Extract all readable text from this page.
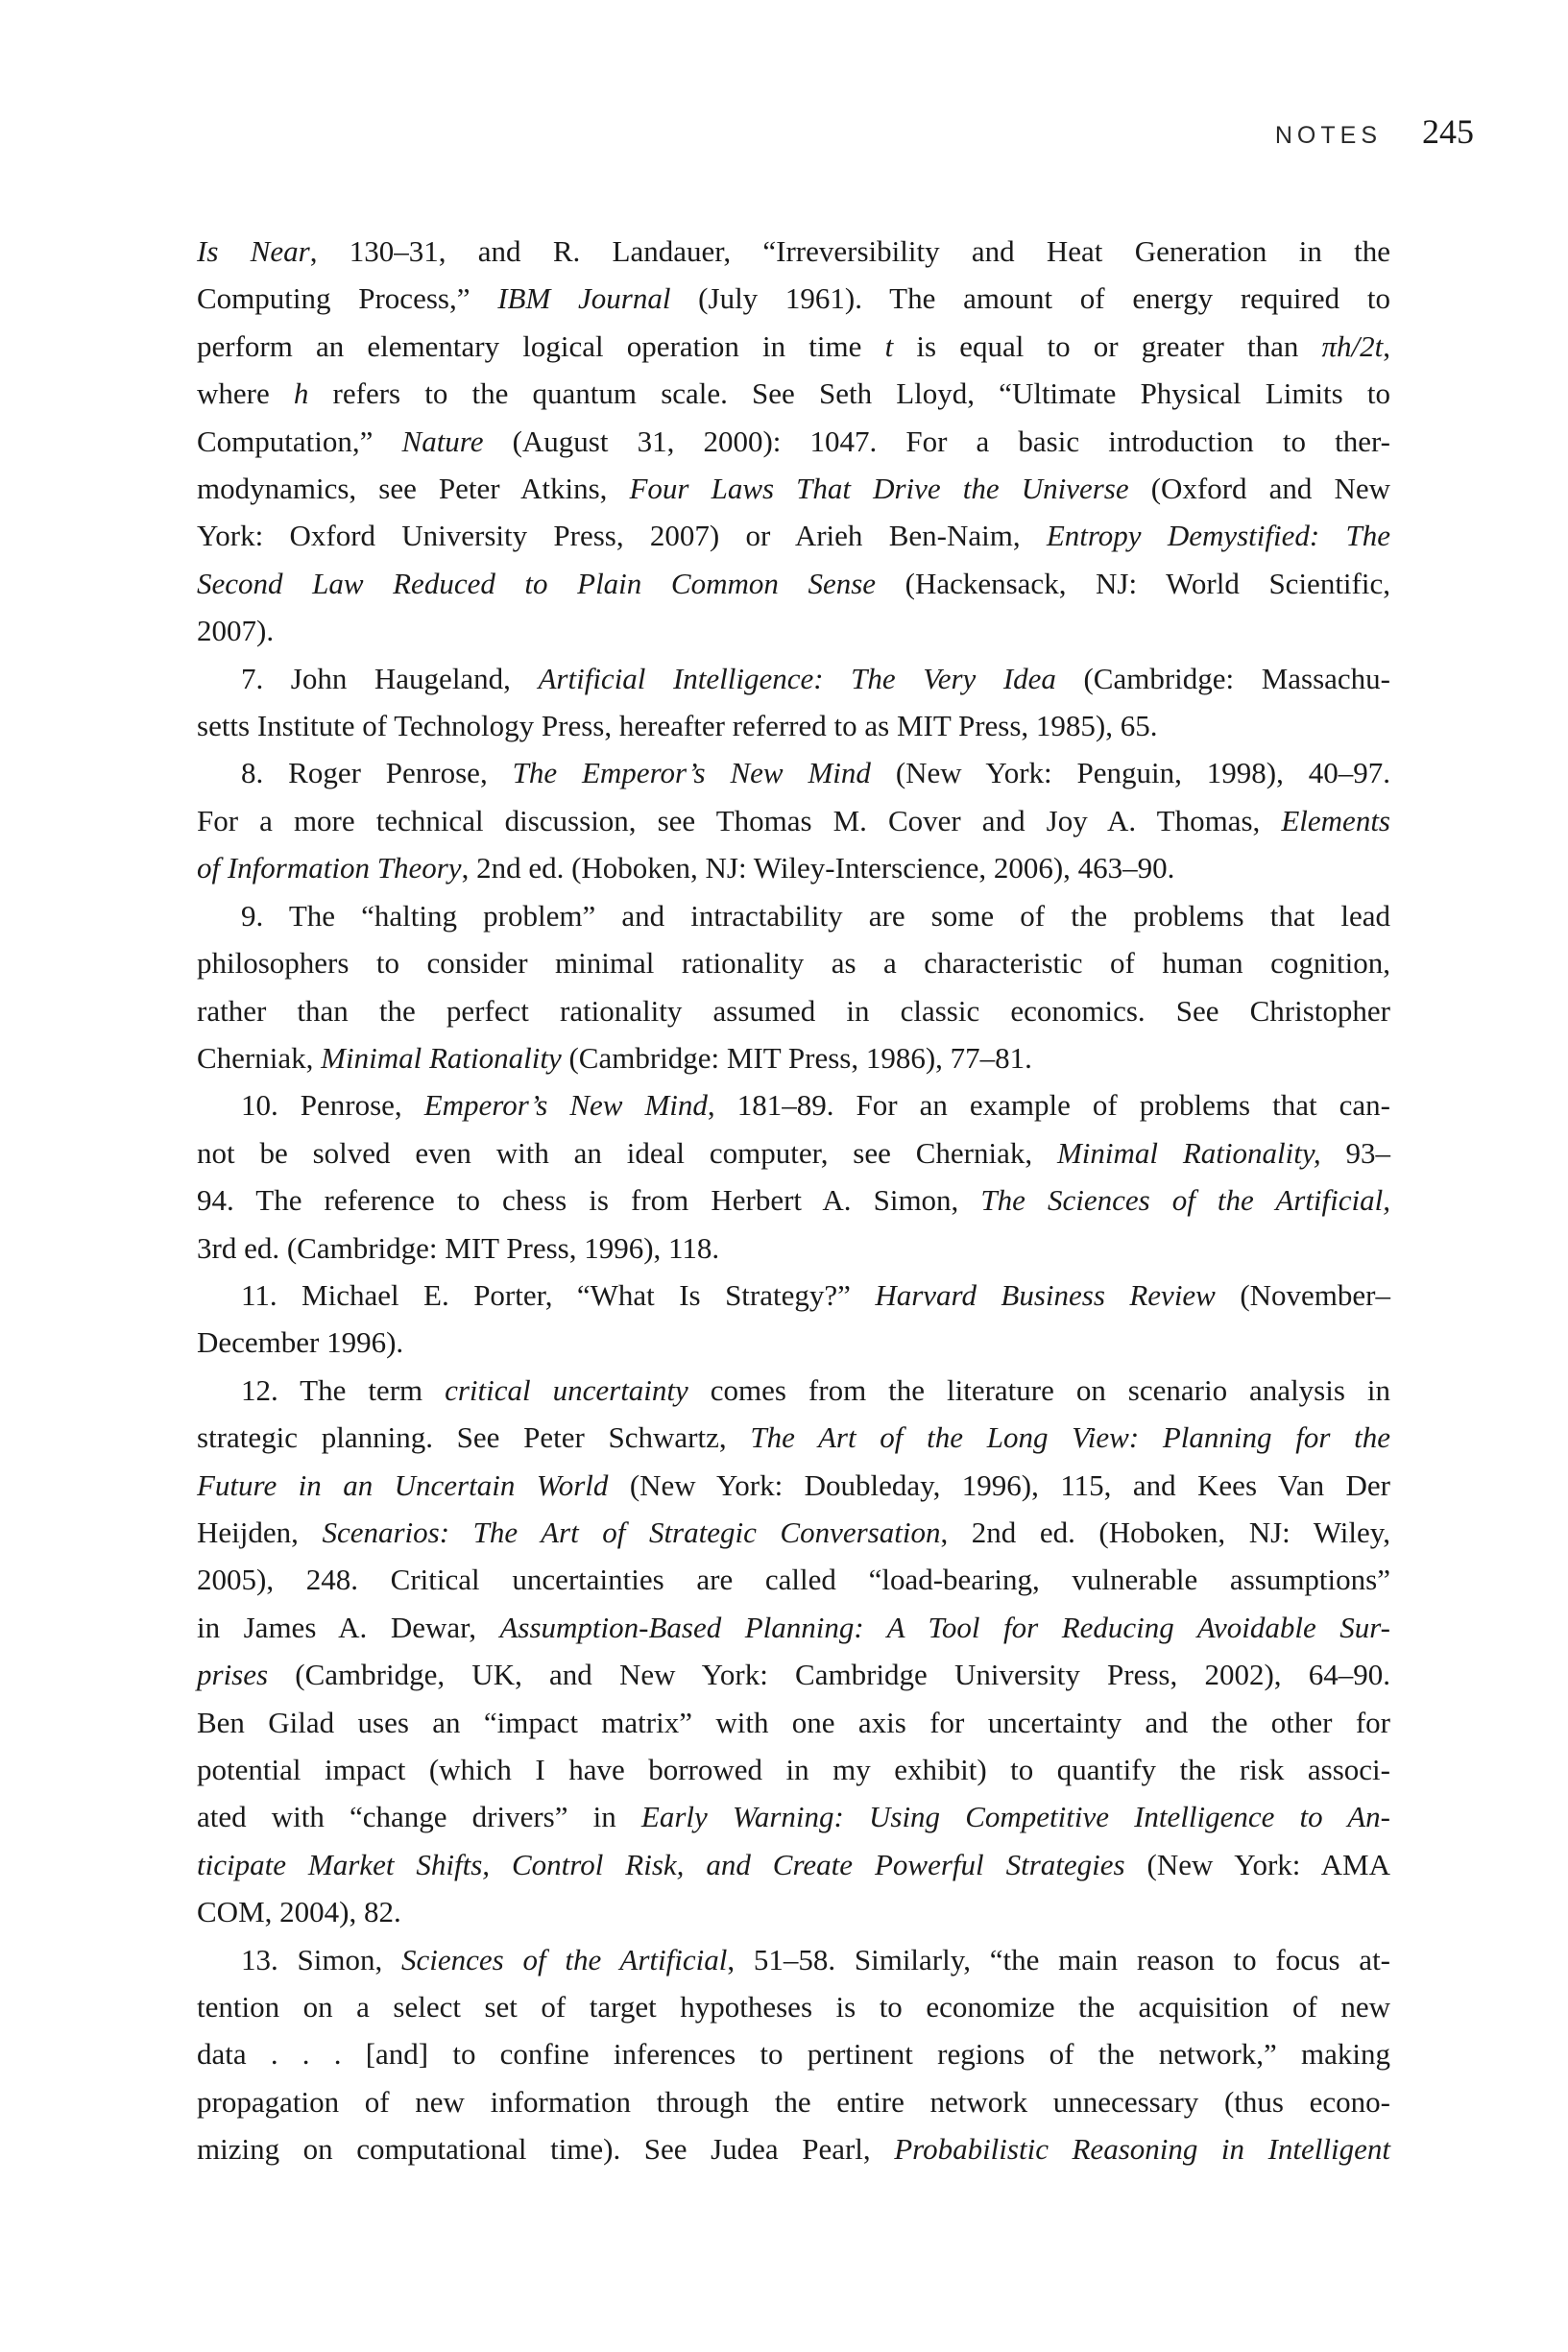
NOTES 245
Is Near, 130–31, and R. Landauer, “Irreversibility and Heat Generation in the
Computing Process,” IBM Journal (July 1961). The amount of energy required to
perform an elementary logical operation in time t is equal to or greater than πh/2t,
where h refers to the quantum scale. See Seth Lloyd, “Ultimate Physical Limits to
Computation,” Nature (August 31, 2000): 1047. For a basic introduction to ther-
modynamics, see Peter Atkins, Four Laws That Drive the Universe (Oxford and New
York: Oxford University Press, 2007) or Arieh Ben-Naim, Entropy Demystified: The
Second Law Reduced to Plain Common Sense (Hackensack, NJ: World Scientific,
2007).
7. John Haugeland, Artificial Intelligence: The Very Idea (Cambridge: Massachu-
setts Institute of Technology Press, hereafter referred to as MIT Press, 1985), 65.
8. Roger Penrose, The Emperor’s New Mind (New York: Penguin, 1998), 40–97.
For a more technical discussion, see Thomas M. Cover and Joy A. Thomas, Elements
of Information Theory, 2nd ed. (Hoboken, NJ: Wiley-Interscience, 2006), 463–90.
9. The “halting problem” and intractability are some of the problems that lead
philosophers to consider minimal rationality as a characteristic of human cognition,
rather than the perfect rationality assumed in classic economics. See Christopher
Cherniak, Minimal Rationality (Cambridge: MIT Press, 1986), 77–81.
10. Penrose, Emperor’s New Mind, 181–89. For an example of problems that can-
not be solved even with an ideal computer, see Cherniak, Minimal Rationality, 93–
94. The reference to chess is from Herbert A. Simon, The Sciences of the Artificial,
3rd ed. (Cambridge: MIT Press, 1996), 118.
11. Michael E. Porter, “What Is Strategy?” Harvard Business Review (November–
December 1996).
12. The term critical uncertainty comes from the literature on scenario analysis in
strategic planning. See Peter Schwartz, The Art of the Long View: Planning for the
Future in an Uncertain World (New York: Doubleday, 1996), 115, and Kees Van Der
Heijden, Scenarios: The Art of Strategic Conversation, 2nd ed. (Hoboken, NJ: Wiley,
2005), 248. Critical uncertainties are called “load-bearing, vulnerable assumptions”
in James A. Dewar, Assumption-Based Planning: A Tool for Reducing Avoidable Sur-
prises (Cambridge, UK, and New York: Cambridge University Press, 2002), 64–90.
Ben Gilad uses an “impact matrix” with one axis for uncertainty and the other for
potential impact (which I have borrowed in my exhibit) to quantify the risk associ-
ated with “change drivers” in Early Warning: Using Competitive Intelligence to An-
ticipate Market Shifts, Control Risk, and Create Powerful Strategies (New York: AMA
COM, 2004), 82.
13. Simon, Sciences of the Artificial, 51–58. Similarly, “the main reason to focus at-
tention on a select set of target hypotheses is to economize the acquisition of new
data . . . [and] to confine inferences to pertinent regions of the network,” making
propagation of new information through the entire network unnecessary (thus econo-
mizing on computational time). See Judea Pearl, Probabilistic Reasoning in Intelligent
